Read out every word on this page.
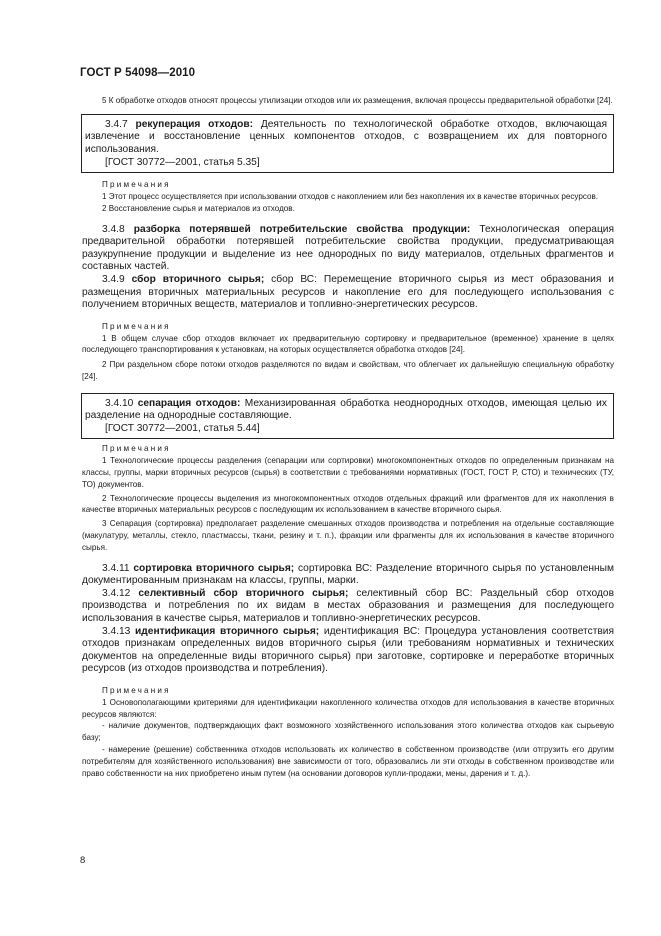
ГОСТ Р 54098—2010

5 К обработке отходов относят процессы утилизации отходов или их размещения, включая процессы предварительной обработки [24].

3.4.7 рекуперация отходов: Деятельность по технологической обработке отходов, включающая извлечение и восстановление ценных компонентов отходов, с возвращением их для повторного использования.

[ГОСТ 30772—2001, статья 5.35]

Примечания

1 Этот процесс осуществляется при использовании отходов с накоплением или без накопления их в качестве вторичных ресурсов.

2 Восстановление сырья и материалов из отходов.

3.4.8 разборка потерявшей потребительские свойства продукции: Технологическая операция предварительной обработки потерявшей потребительские свойства продукции, предусматривающая разукрупнение продукции и выделение из нее однородных по виду материалов, отдельных фрагментов и составных частей.

3.4.9 сбор вторичного сырья; сбор ВС: Перемещение вторичного сырья из мест образования и размещения вторичных материальных ресурсов и накопление его для последующего использования с получением вторичных веществ, материалов и топливно-энергетических ресурсов.

Примечания

1 В общем случае сбор отходов включает их предварительную сортировку и предварительное (временное) хранение в целях последующего транспортирования к установкам, на которых осуществляется обработка отходов [24].

2 При раздельном сборе потоки отходов разделяются по видам и свойствам, что облегчает их дальнейшую специальную обработку [24].

3.4.10 сепарация отходов: Механизированная обработка неоднородных отходов, имеющая целью их разделение на однородные составляющие.

[ГОСТ 30772—2001, статья 5.44]

Примечания

1 Технологические процессы разделения (сепарации или сортировки) многокомпонентных отходов по определенным признакам на классы, группы, марки вторичных ресурсов (сырья) в соответствии с требованиями нормативных (ГОСТ, ГОСТ Р, СТО) и технических (ТУ, ТО) документов.

2 Технологические процессы выделения из многокомпонентных отходов отдельных фракций или фрагментов для их накопления в качестве вторичных материальных ресурсов с последующим их использованием в качестве вторичного сырья.

3 Сепарация (сортировка) предполагает разделение смешанных отходов производства и потребления на отдельные составляющие (макулатуру, металлы, стекло, пластмассы, ткани, резину и т. п.), фракции или фрагменты для их использования в качестве вторичного сырья.

3.4.11 сортировка вторичного сырья; сортировка ВС: Разделение вторичного сырья по установленным документированным признакам на классы, группы, марки.

3.4.12 селективный сбор вторичного сырья; селективный сбор ВС: Раздельный сбор отходов производства и потребления по их видам в местах образования и размещения для последующего использования в качестве сырья, материалов и топливно-энергетических ресурсов.

3.4.13 идентификация вторичного сырья; идентификация ВС: Процедура установления соответствия отходов признакам определенных видов вторичного сырья (или требованиям нормативных и технических документов на определенные виды вторичного сырья) при заготовке, сортировке и переработке вторичных ресурсов (из отходов производства и потребления).

Примечания

1 Основополагающими критериями для идентификации накопленного количества отходов для использования в качестве вторичных ресурсов являются:

- наличие документов, подтверждающих факт возможного хозяйственного использования этого количества отходов как сырьевую базу;

- намерение (решение) собственника отходов использовать их количество в собственном производстве (или отгрузить его другим потребителям для хозяйственного использования) вне зависимости от того, образовались ли эти отходы в собственном производстве или право собственности на них приобретено иным путем (на основании договоров купли-продажи, мены, дарения и т. д.).

8
